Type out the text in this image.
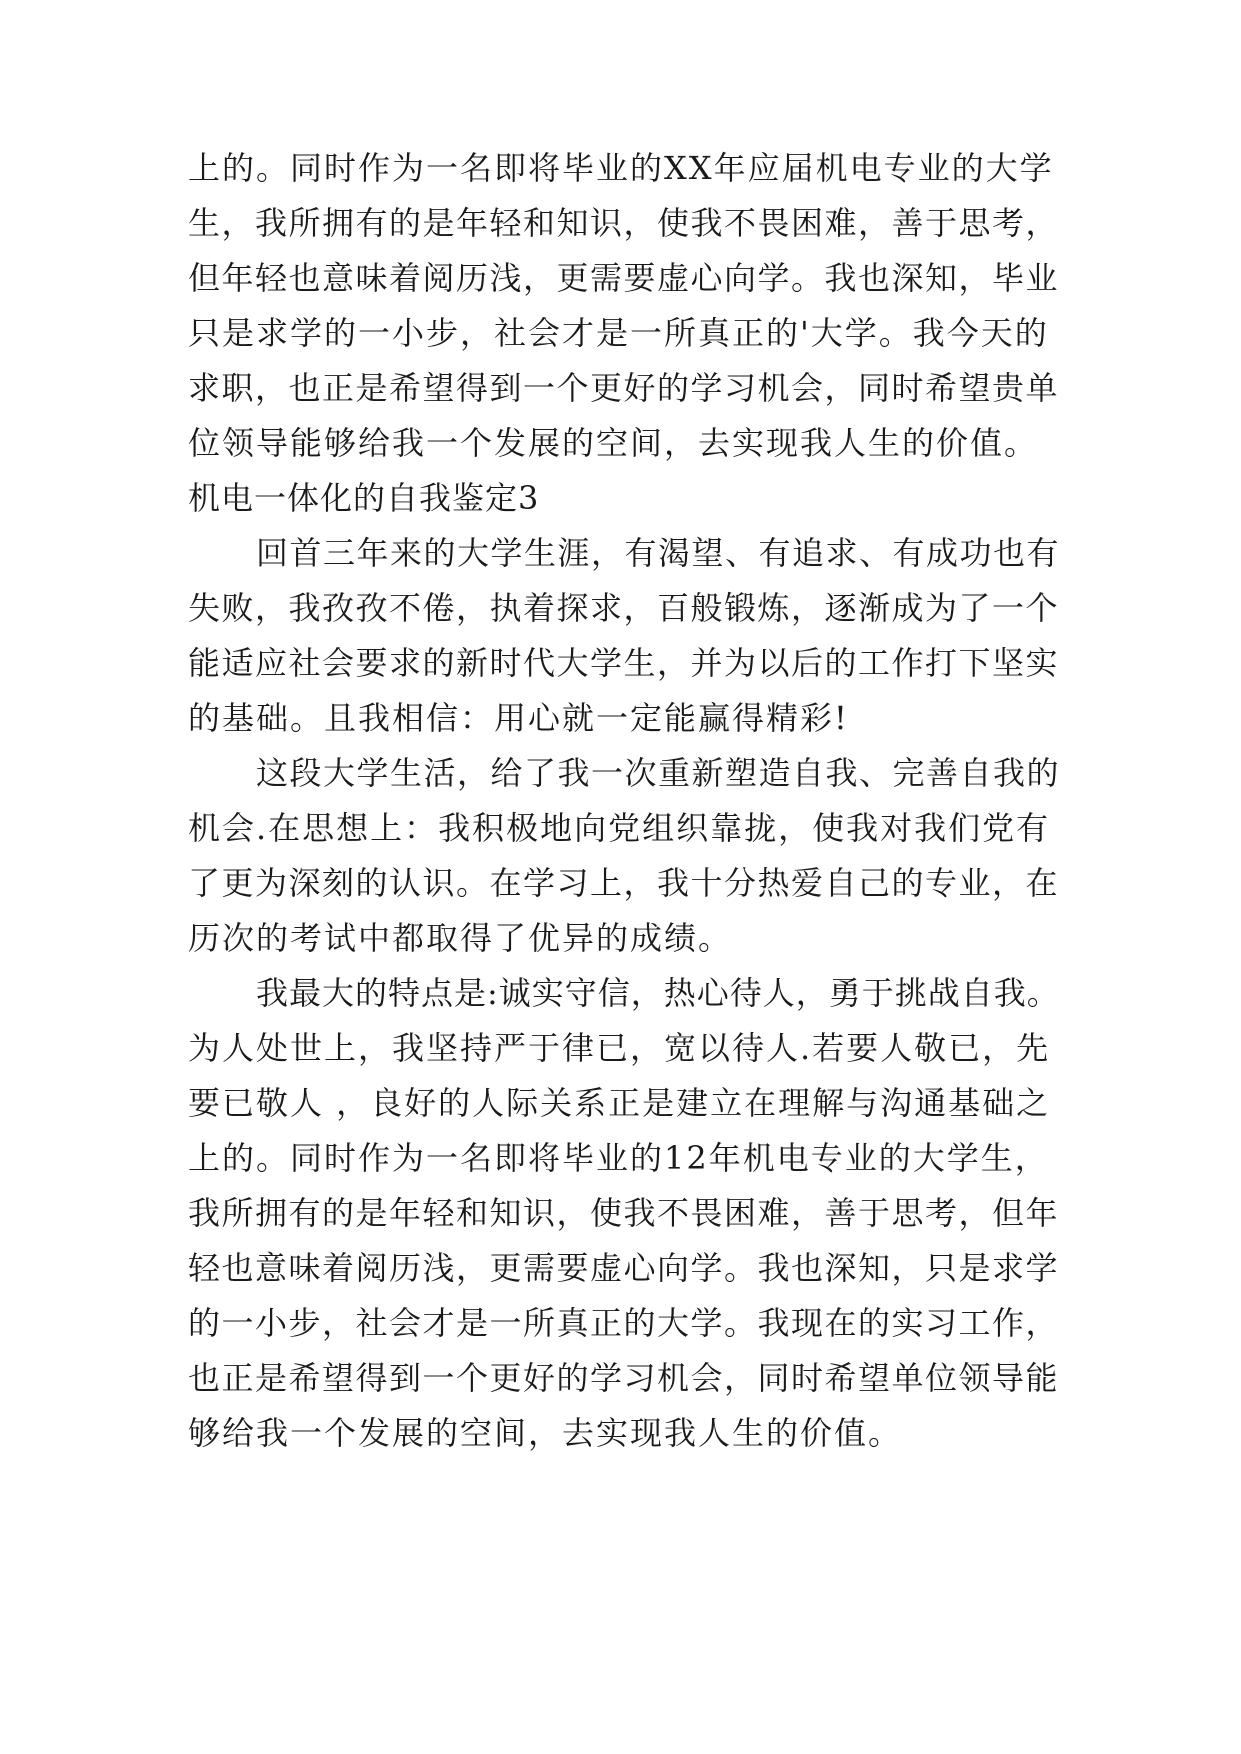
上的。同时作为一名即将毕业的XX年应届机电专业的大学
生，我所拥有的是年轻和知识，使我不畏困难，善于思考，
但年轻也意味着阅历浅，更需要虚心向学。我也深知，毕业
只是求学的一小步，社会才是一所真正的'大学。我今天的
求职，也正是希望得到一个更好的学习机会，同时希望贵单
位领导能够给我一个发展的空间，去实现我人生的价值。
机电一体化的自我鉴定3
回首三年来的大学生涯，有渴望、有追求、有成功也有
失败，我孜孜不倦，执着探求，百般锻炼，逐渐成为了一个
能适应社会要求的新时代大学生，并为以后的工作打下坚实
的基础。且我相信：用心就一定能赢得精彩!
这段大学生活，给了我一次重新塑造自我、完善自我的
机会.在思想上：我积极地向党组织靠拢，使我对我们党有
了更为深刻的认识。在学习上，我十分热爱自己的专业，在
历次的考试中都取得了优异的成绩。
我最大的特点是:诚实守信，热心待人，勇于挑战自我。
为人处世上，我坚持严于律已，宽以待人.若要人敬已，先
要已敬人 ，良好的人际关系正是建立在理解与沟通基础之
上的。同时作为一名即将毕业的12年机电专业的大学生，
我所拥有的是年轻和知识，使我不畏困难，善于思考，但年
轻也意味着阅历浅，更需要虚心向学。我也深知，只是求学
的一小步，社会才是一所真正的大学。我现在的实习工作，
也正是希望得到一个更好的学习机会，同时希望单位领导能
够给我一个发展的空间，去实现我人生的价值。
